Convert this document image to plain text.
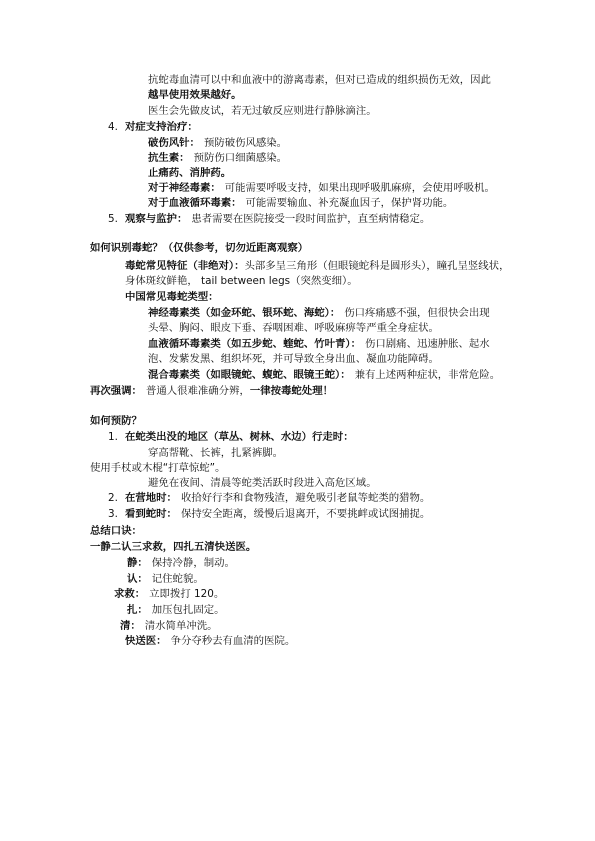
抗蛇毒血清可以中和血液中的游离毒素，但对已造成的组织损伤无效，因此
越早使用效果越好。
医生会先做皮试，若无过敏反应则进行静脉滴注。
4. 对症支持治疗：
破伤风针： 预防破伤风感染。
抗生素： 预防伤口细菌感染。
止痛药、消肿药。
对于神经毒素： 可能需要呼吸支持，如果出现呼吸肌麻痹，会使用呼吸机。
对于血液循环毒素： 可能需要输血、补充凝血因子，保护肾功能。
5. 观察与监护： 患者需要在医院接受一段时间监护，直至病情稳定。
如何识别毒蛇？（仅供参考，切勿近距离观察）
毒蛇常见特征（非绝对）：头部多呈三角形（但眼镜蛇科是圆形头），瞳孔呈竖线状，
身体斑纹鲜艳， tail between legs（突然变细）。
中国常见毒蛇类型：
神经毒素类（如金环蛇、银环蛇、海蛇）： 伤口疼痛感不强，但很快会出现
头晕、胸闷、眼皮下垂、吞咽困难、呼吸麻痹等严重全身症状。
血液循环毒素类（如五步蛇、蝰蛇、竹叶青）： 伤口剧痛、迅速肿胀、起水
泡、发紫发黑、组织坏死，并可导致全身出血、凝血功能障碍。
混合毒素类（如眼镜蛇、蝮蛇、眼镜王蛇）： 兼有上述两种症状，非常危险。
再次强调： 普通人很难准确分辨，一律按毒蛇处理！
如何预防？
1. 在蛇类出没的地区（草丛、树林、水边）行走时：
穿高帮靴、长裤，扎紧裤脚。
使用手杖或木棍“打草惊蛇”。
避免在夜间、清晨等蛇类活跃时段进入高危区域。
2. 在营地时： 收拾好行李和食物残渣，避免吸引老鼠等蛇类的猎物。
3. 看到蛇时： 保持安全距离，缓慢后退离开，不要挑衅或试图捕捉。
总结口诀：
一静二认三求救，四扎五清快送医。
静： 保持冷静，制动。
认： 记住蛇貌。
求救： 立即拨打 120。
扎： 加压包扎固定。
清： 清水简单冲洗。
快送医： 争分夺秒去有血清的医院。
